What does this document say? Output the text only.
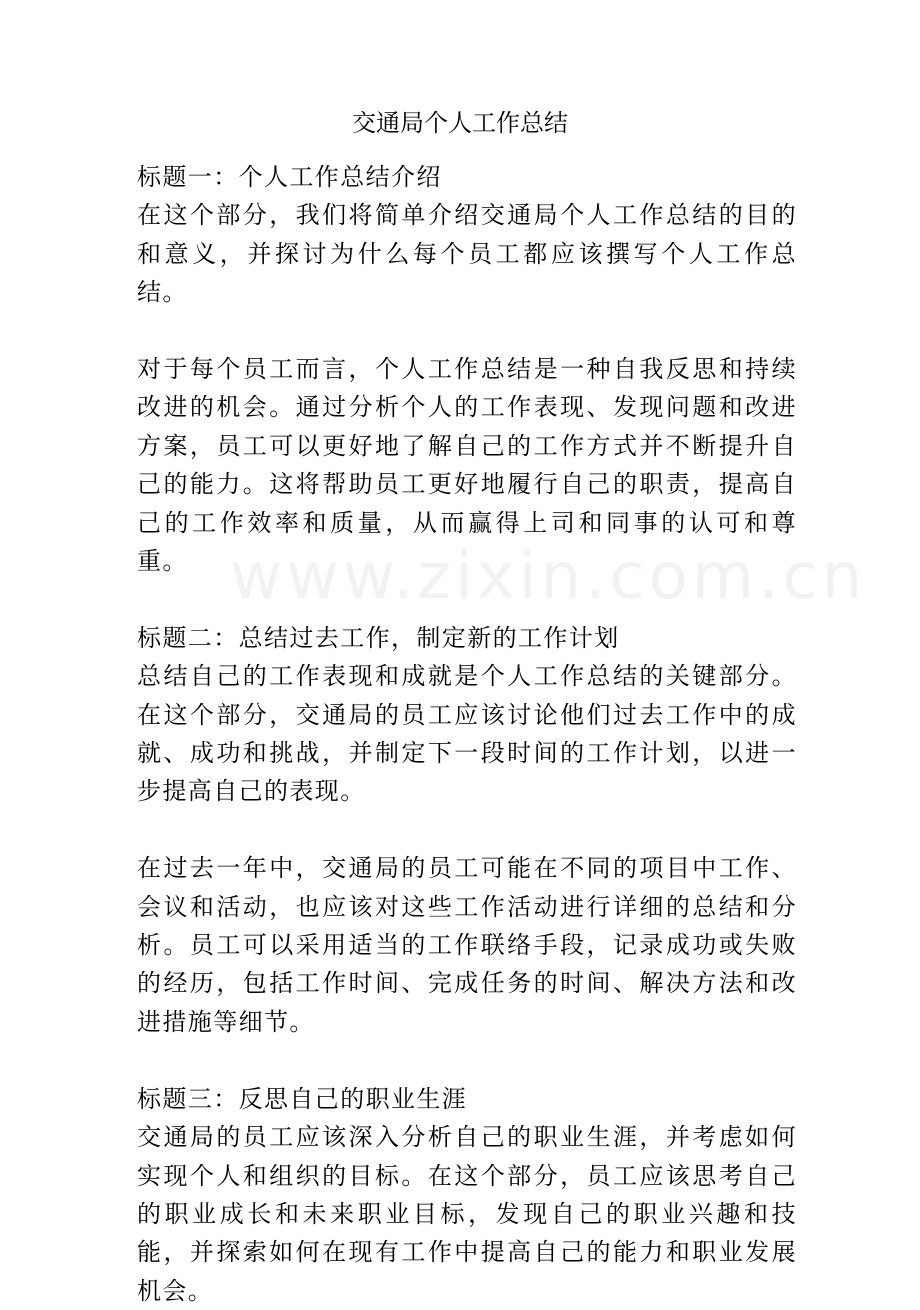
www.zixin.com.cn
交通局个人工作总结
标题一：个人工作总结介绍

在这个部分，我们将简单介绍交通局个人工作总结的目的和意义，并探讨为什么每个员工都应该撰写个人工作总结。

对于每个员工而言，个人工作总结是一种自我反思和持续改进的机会。通过分析个人的工作表现、发现问题和改进方案，员工可以更好地了解自己的工作方式并不断提升自己的能力。这将帮助员工更好地履行自己的职责，提高自己的工作效率和质量，从而赢得上司和同事的认可和尊重。

标题二：总结过去工作，制定新的工作计划

总结自己的工作表现和成就是个人工作总结的关键部分。在这个部分，交通局的员工应该讨论他们过去工作中的成就、成功和挑战，并制定下一段时间的工作计划，以进一步提高自己的表现。

在过去一年中，交通局的员工可能在不同的项目中工作、会议和活动，也应该对这些工作活动进行详细的总结和分析。员工可以采用适当的工作联络手段，记录成功或失败的经历，包括工作时间、完成任务的时间、解决方法和改进措施等细节。

标题三：反思自己的职业生涯

交通局的员工应该深入分析自己的职业生涯，并考虑如何实现个人和组织的目标。在这个部分，员工应该思考自己的职业成长和未来职业目标，发现自己的职业兴趣和技能，并探索如何在现有工作中提高自己的能力和职业发展机会。
